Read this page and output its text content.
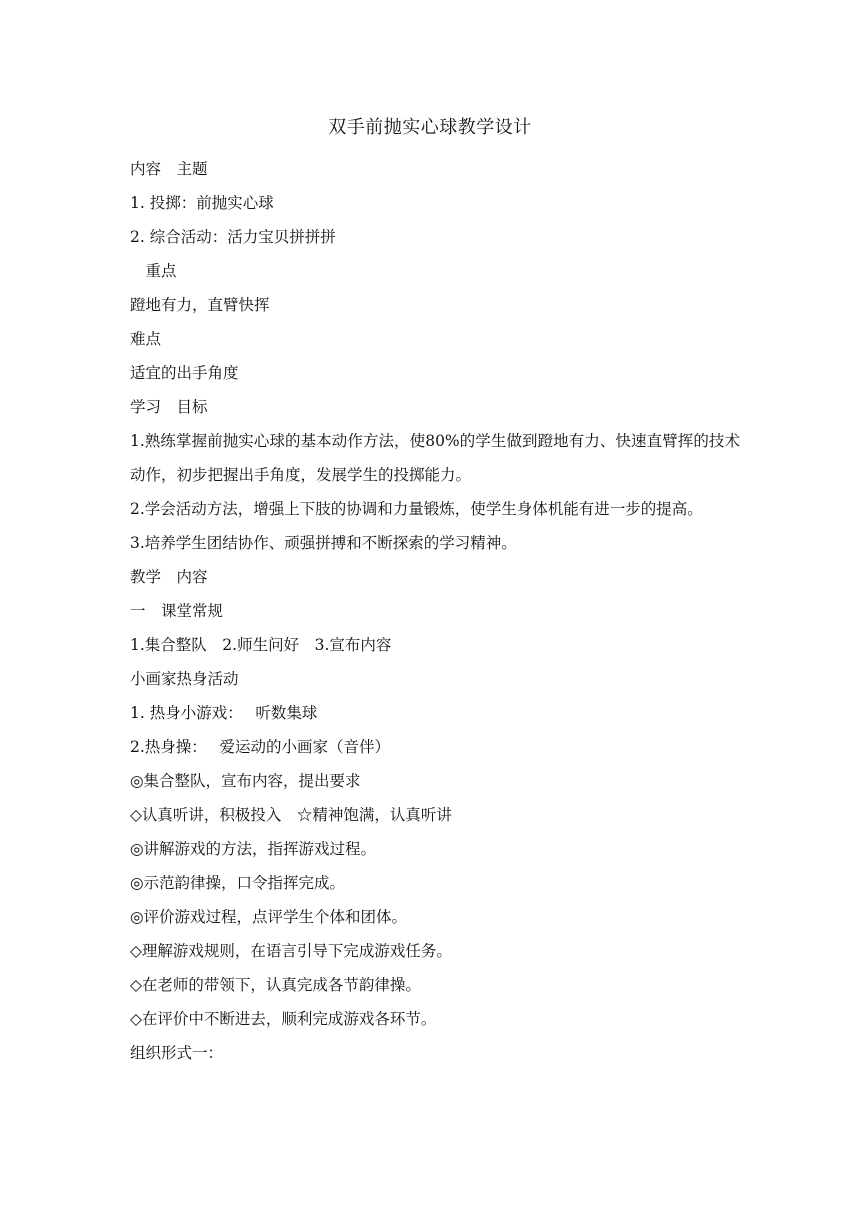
双手前抛实心球教学设计
内容　主题
1. 投掷：前抛实心球
2. 综合活动：活力宝贝拼拼拼
　重点
蹬地有力，直臂快挥
难点
适宜的出手角度
学习　目标
1.熟练掌握前抛实心球的基本动作方法，使80%的学生做到蹬地有力、快速直臂挥的技术动作，初步把握出手角度，发展学生的投掷能力。
2.学会活动方法，增强上下肢的协调和力量锻炼，使学生身体机能有进一步的提高。
3.培养学生团结协作、顽强拼搏和不断探索的学习精神。
教学　内容
一　课堂常规
1.集合整队　2.师生问好　3.宣布内容
小画家热身活动
1. 热身小游戏：　 听数集球
2.热身操：　 爱运动的小画家（音伴）
◎集合整队，宣布内容，提出要求
◇认真听讲，积极投入　☆精神饱满，认真听讲
◎讲解游戏的方法，指挥游戏过程。
◎示范韵律操，口令指挥完成。
◎评价游戏过程，点评学生个体和团体。
◇理解游戏规则，在语言引导下完成游戏任务。
◇在老师的带领下，认真完成各节韵律操。
◇在评价中不断进去，顺利完成游戏各环节。
组织形式一：
